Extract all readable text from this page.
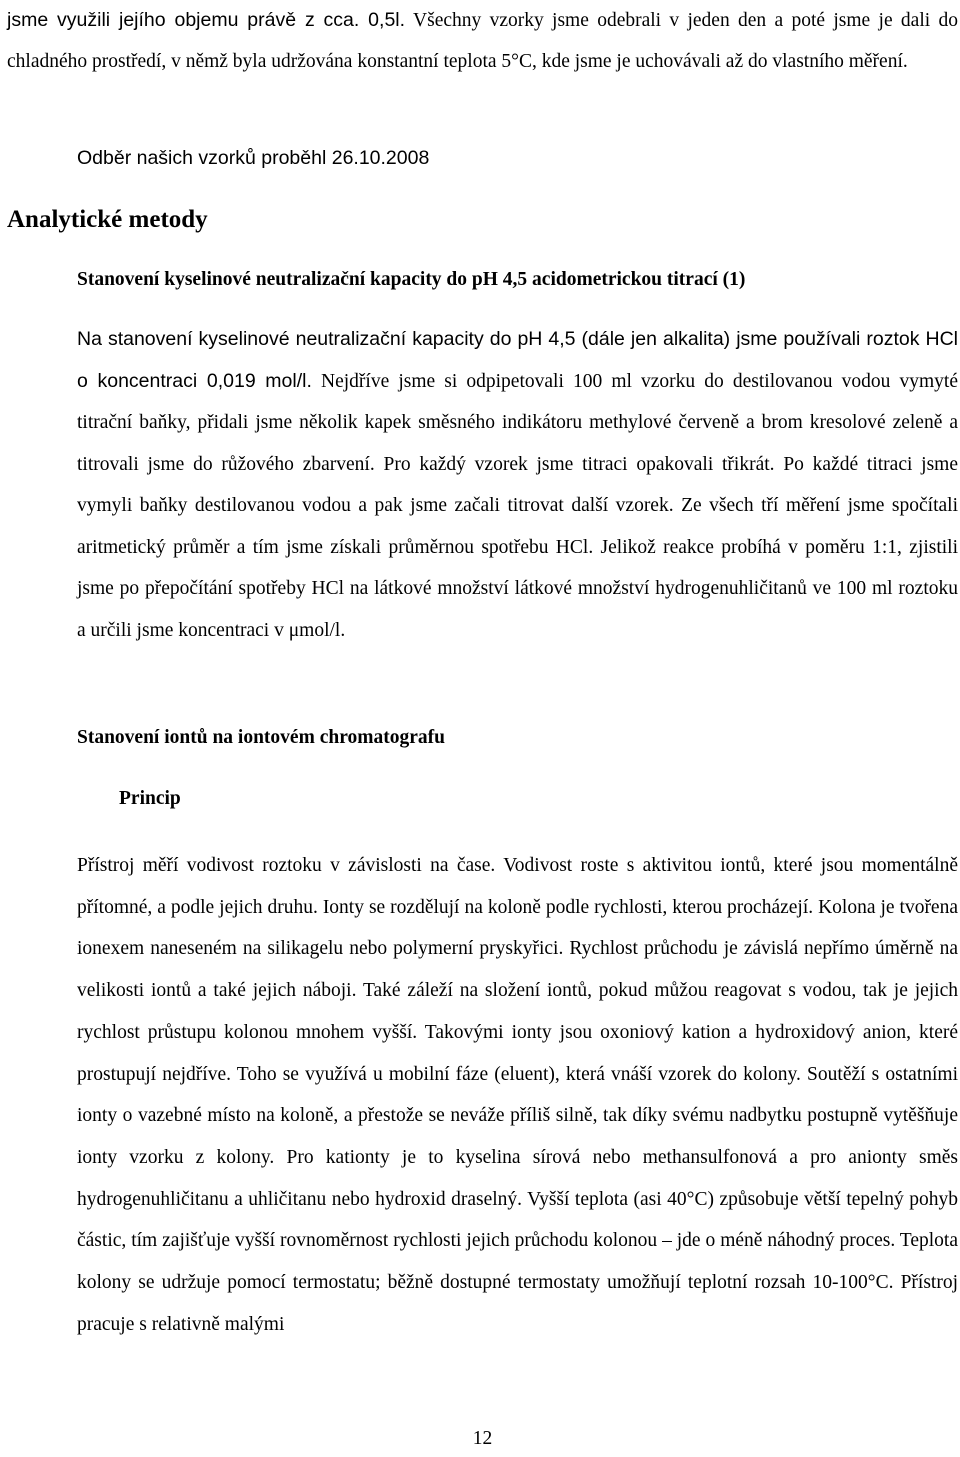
jsme využili jejího objemu právě z cca. 0,5l. Všechny vzorky jsme odebrali v jeden den a poté jsme je dali do chladného prostředí, v němž byla udržována konstantní teplota 5°C, kde jsme je uchovávali až do vlastního měření.

Odběr našich vzorků proběhl 26.10.2008

Analytické metody
Stanovení kyselinové neutralizační kapacity do pH 4,5 acidometrickou titrací (1)

Na stanovení kyselinové neutralizační kapacity do pH 4,5 (dále jen alkalita) jsme používali roztok HCl o koncentraci 0,019 mol/l. Nejdříve jsme si odpipetovali 100 ml vzorku do destilovanou vodou vymyté titrační baňky, přidali jsme několik kapek směsného indikátoru methylové červeně a brom kresolové zeleně a titrovali jsme do růžového zbarvení. Pro každý vzorek jsme titraci opakovali třikrát. Po každé titraci jsme vymyli baňky destilovanou vodou a pak jsme začali titrovat další vzorek. Ze všech tří měření jsme spočítali aritmetický průměr a tím jsme získali průměrnou spotřebu HCl. Jelikož reakce probíhá v poměru 1:1, zjistili jsme po přepočítání spotřeby HCl na látkové množství látkové množství hydrogenuhličitanů ve 100 ml roztoku a určili jsme koncentraci v μmol/l.

Stanovení iontů na iontovém chromatografu
Princip

Přístroj měří vodivost roztoku v závislosti na čase. Vodivost roste s aktivitou iontů, které jsou momentálně přítomné, a podle jejich druhu. Ionty se rozdělují na koloně podle rychlosti, kterou procházejí. Kolona je tvořena ionexem naneseném na silikagelu nebo polymerní pryskyřici. Rychlost průchodu je závislá nepřímo úměrně na velikosti iontů a také jejich náboji. Také záleží na složení iontů, pokud můžou reagovat s vodou, tak je jejich rychlost průstupu kolonou mnohem vyšší. Takovými ionty jsou oxoniový kation a hydroxidový anion, které prostupují nejdříve. Toho se využívá u mobilní fáze (eluent), která vnáší vzorek do kolony. Soutěží s ostatními ionty o vazebné místo na koloně, a přestože se neváže příliš silně, tak díky svému nadbytku postupně vytěšňuje ionty vzorku z kolony. Pro kationty je to kyselina sírová nebo methansulfonová a pro anionty směs hydrogenuhličitanu a uhličitanu nebo hydroxid draselný. Vyšší teplota (asi 40°C) způsobuje větší tepelný pohyb částic, tím zajišťuje vyšší rovnoměrnost rychlosti jejich průchodu kolonou – jde o méně náhodný proces. Teplota kolony se udržuje pomocí termostatu; běžně dostupné termostaty umožňují teplotní rozsah 10-100°C. Přístroj pracuje s relativně malými

12
